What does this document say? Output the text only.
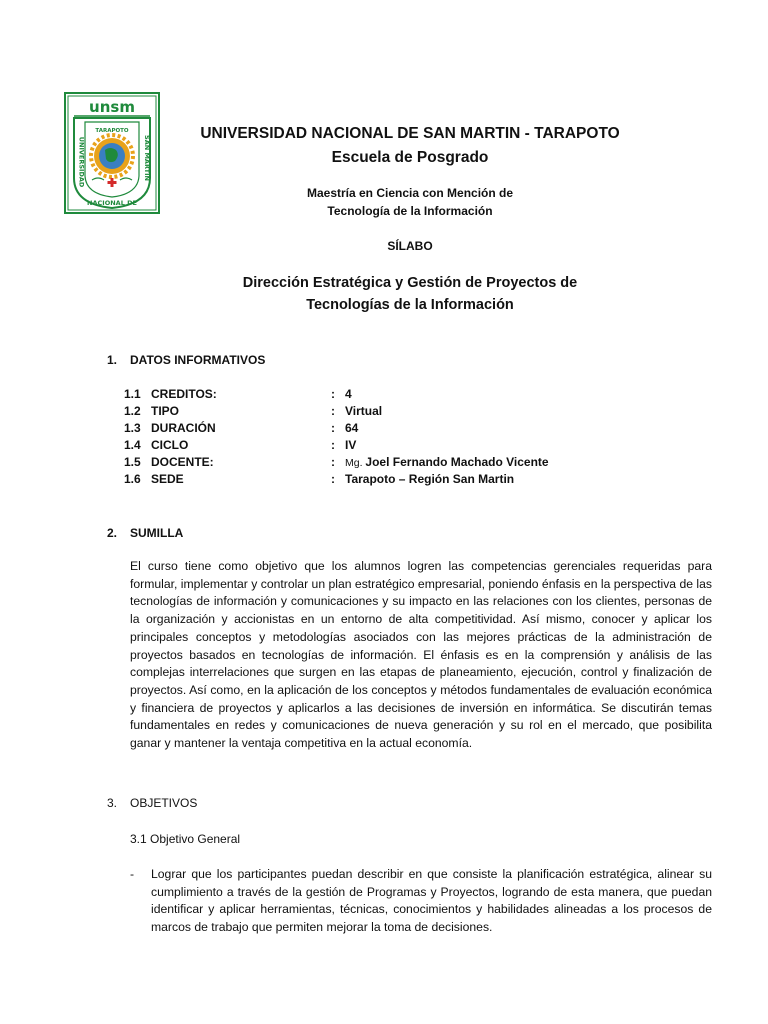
unsm
UNIVERSIDAD	SAN MARTIN
NACIONAL DE
TARAPOTO	UNIVERSIDAD NACIONAL DE SAN MARTIN - TARAPOTO
Escuela de Posgrado
Maestría en Ciencia con Mención de
Tecnología de la Información
SÍLABO
Dirección Estratégica y Gestión de Proyectos de
Tecnologías de la Información
1. DATOS INFORMATIVOS
1.1 CREDITOS:	: 4
1.2 TIPO	: Virtual
1.3 DURACIÓN	: 64
1.4 CICLO	: IV
1.5 DOCENTE:	: Mg. Joel Fernando Machado Vicente
1.6 SEDE	: Tarapoto – Región San Martin
2. SUMILLA
El curso tiene como objetivo que los alumnos logren las competencias gerenciales requeridas para formular, implementar y controlar un plan estratégico empresarial, poniendo énfasis en la perspectiva de las tecnologías de información y comunicaciones y su impacto en las relaciones con los clientes, personas de la organización y accionistas en un entorno de alta competitividad. Así mismo, conocer y aplicar los principales conceptos y metodologías asociados con las mejores prácticas de la administración de proyectos basados en tecnologías de información. El énfasis es en la comprensión y análisis de las complejas interrelaciones que surgen en las etapas de planeamiento, ejecución, control y finalización de proyectos. Así como, en la aplicación de los conceptos y métodos fundamentales de evaluación económica y financiera de proyectos y aplicarlos a las decisiones de inversión en informática. Se discutirán temas fundamentales en redes y comunicaciones de nueva generación y su rol en el mercado, que posibilita ganar y mantener la ventaja competitiva en la actual economía.
3. OBJETIVOS
3.1 Objetivo General
- Lograr que los participantes puedan describir en que consiste la planificación estratégica, alinear su cumplimiento a través de la gestión de Programas y Proyectos, logrando de esta manera, que puedan identificar y aplicar herramientas, técnicas, conocimientos y habilidades alineadas a los procesos de marcos de trabajo que permiten mejorar la toma de decisiones.
